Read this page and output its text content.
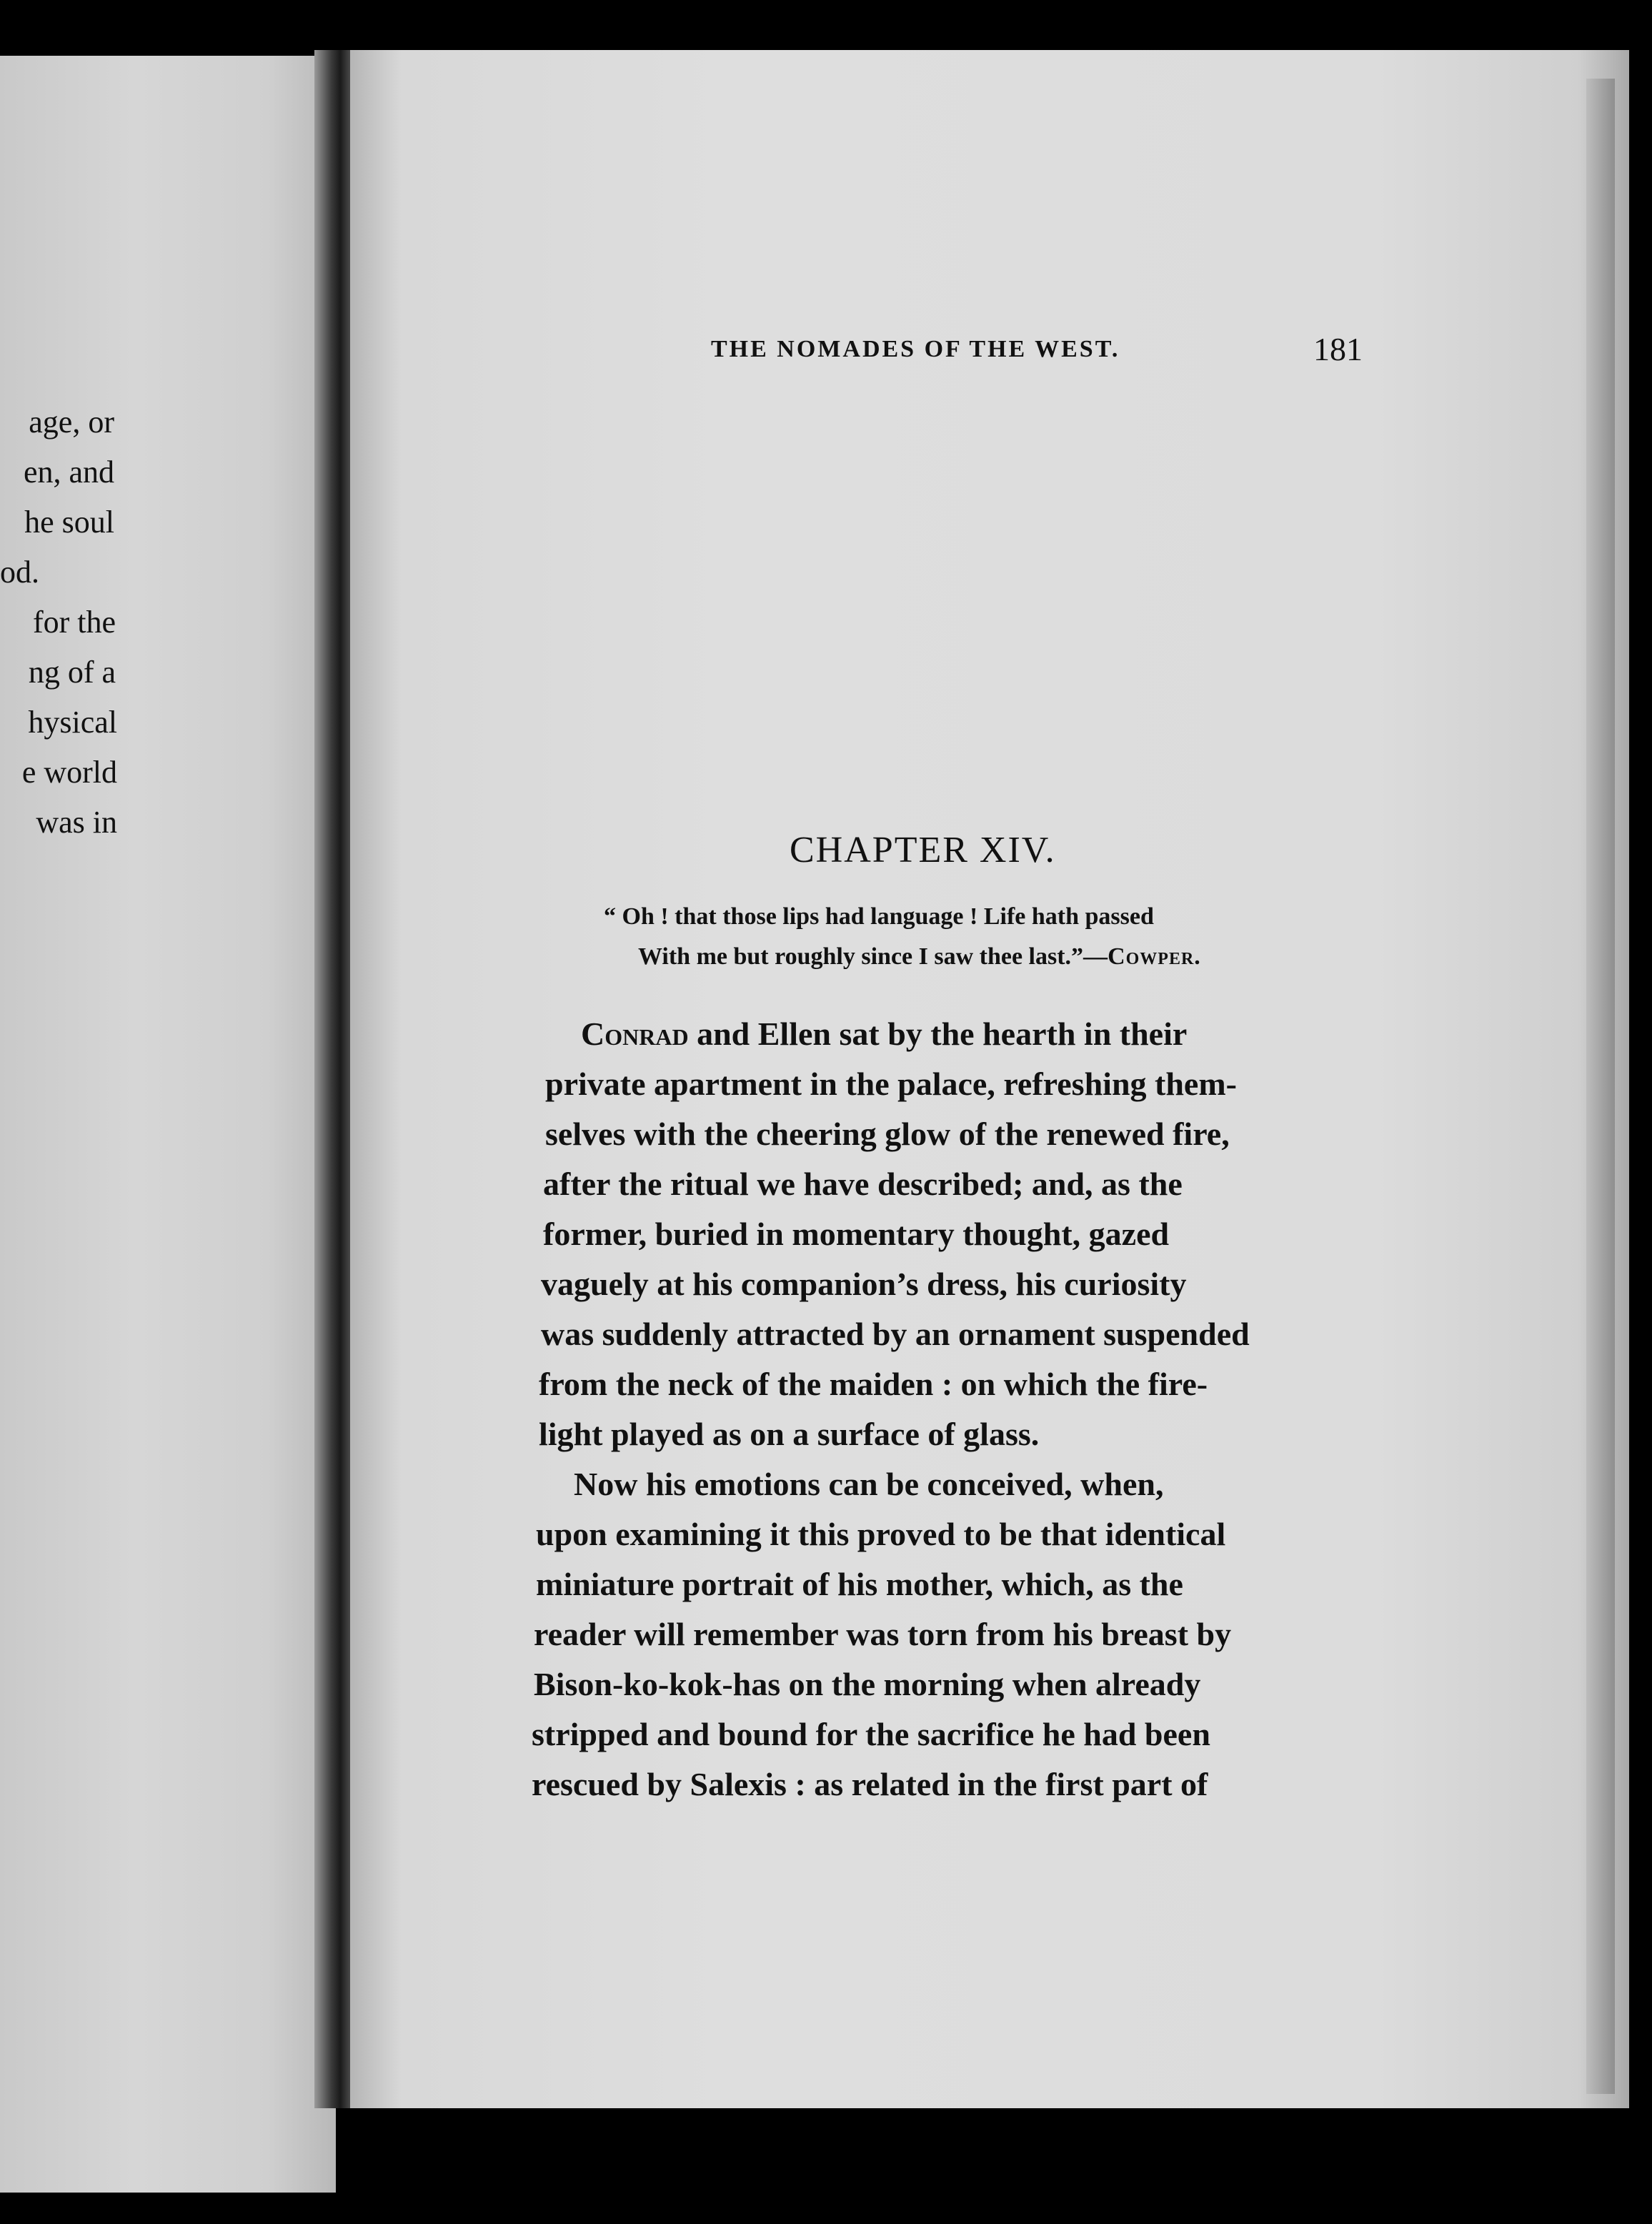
age, or
en, and
he soul
od.
for the
ng of a
hysical
e world
was in
THE NOMADES OF THE WEST.	181
CHAPTER XIV.
“ Oh ! that those lips had language ! Life hath passed
With me but roughly since I saw thee last.”—Cowper.
Conrad and Ellen sat by the hearth in their
private apartment in the palace, refreshing them-
selves with the cheering glow of the renewed fire,
after the ritual we have described; and, as the
former, buried in momentary thought, gazed
vaguely at his companion’s dress, his curiosity
was suddenly attracted by an ornament suspended
from the neck of the maiden : on which the fire-
light played as on a surface of glass.
Now his emotions can be conceived, when,
upon examining it this proved to be that identical
miniature portrait of his mother, which, as the
reader will remember was torn from his breast by
Bison-ko-kok-has on the morning when already
stripped and bound for the sacrifice he had been
rescued by Salexis : as related in the first part of
